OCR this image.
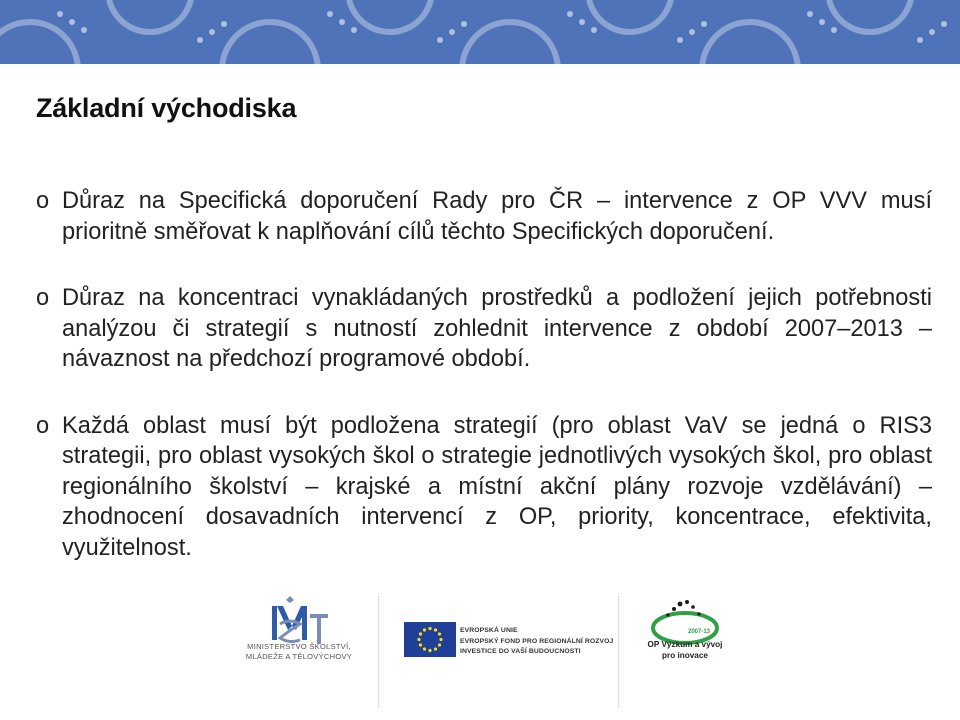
Základní východiska
o Důraz na Specifická doporučení Rady pro ČR – intervence z OP VVV musí prioritně směřovat k naplňování cílů těchto Specifických doporučení.
o Důraz na koncentraci vynakládaných prostředků a podložení jejich potřebnosti analýzou či strategií s nutností zohlednit intervence z období 2007–2013 – návaznost na předchozí programové období.
o Každá oblast musí být podložena strategií (pro oblast VaV se jedná o RIS3 strategii, pro oblast vysokých škol o strategie jednotlivých vysokých škol, pro oblast regionálního školství – krajské a místní akční plány rozvoje vzdělávání) – zhodnocení dosavadních intervencí z OP, priority, koncentrace, efektivita, využitelnost.
MINISTERSTVO ŠKOLSTVÍ,
MLÁDEŽE A TĚLOVÝCHOVY
EVROPSKÁ UNIE
EVROPSKÝ FOND PRO REGIONÁLNÍ ROZVOJ
INVESTICE DO VAŠÍ BUDOUCNOSTI
2007-13
OP Výzkum a vývoj
pro inovace
